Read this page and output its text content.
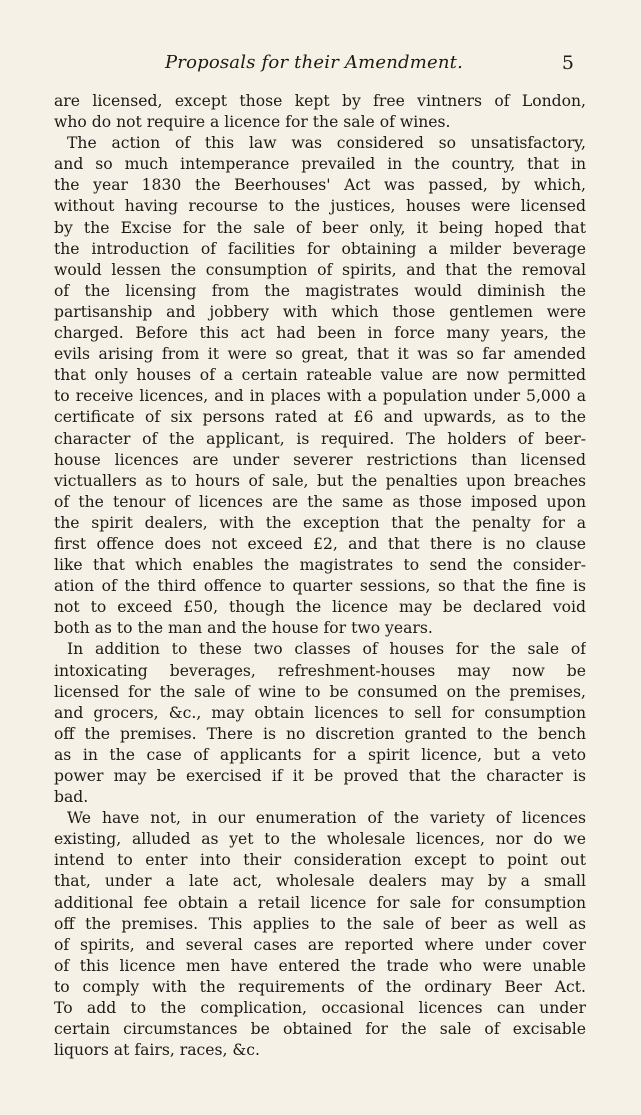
Proposals for their Amendment.	5
are licensed, except those kept by free vintners of London,
who do not require a licence for the sale of wines.
The action of this law was considered so unsatisfactory,
and so much intemperance prevailed in the country, that in
the year 1830 the Beerhouses' Act was passed, by which,
without having recourse to the justices, houses were licensed
by the Excise for the sale of beer only, it being hoped that
the introduction of facilities for obtaining a milder beverage
would lessen the consumption of spirits, and that the removal
of the licensing from the magistrates would diminish the
partisanship and jobbery with which those gentlemen were
charged. Before this act had been in force many years, the
evils arising from it were so great, that it was so far amended
that only houses of a certain rateable value are now permitted
to receive licences, and in places with a population under 5,000 a
certificate of six persons rated at £6 and upwards, as to the
character of the applicant, is required. The holders of beer-
house licences are under severer restrictions than licensed
victuallers as to hours of sale, but the penalties upon breaches
of the tenour of licences are the same as those imposed upon
the spirit dealers, with the exception that the penalty for a
first offence does not exceed £2, and that there is no clause
like that which enables the magistrates to send the consider-
ation of the third offence to quarter sessions, so that the fine is
not to exceed £50, though the licence may be declared void
both as to the man and the house for two years.
In addition to these two classes of houses for the sale of
intoxicating beverages, refreshment-houses may now be
licensed for the sale of wine to be consumed on the premises,
and grocers, &c., may obtain licences to sell for consumption
off the premises. There is no discretion granted to the bench
as in the case of applicants for a spirit licence, but a veto
power may be exercised if it be proved that the character is
bad.
We have not, in our enumeration of the variety of licences
existing, alluded as yet to the wholesale licences, nor do we
intend to enter into their consideration except to point out
that, under a late act, wholesale dealers may by a small
additional fee obtain a retail licence for sale for consumption
off the premises. This applies to the sale of beer as well as
of spirits, and several cases are reported where under cover
of this licence men have entered the trade who were unable
to comply with the requirements of the ordinary Beer Act.
To add to the complication, occasional licences can under
certain circumstances be obtained for the sale of excisable
liquors at fairs, races, &c.
